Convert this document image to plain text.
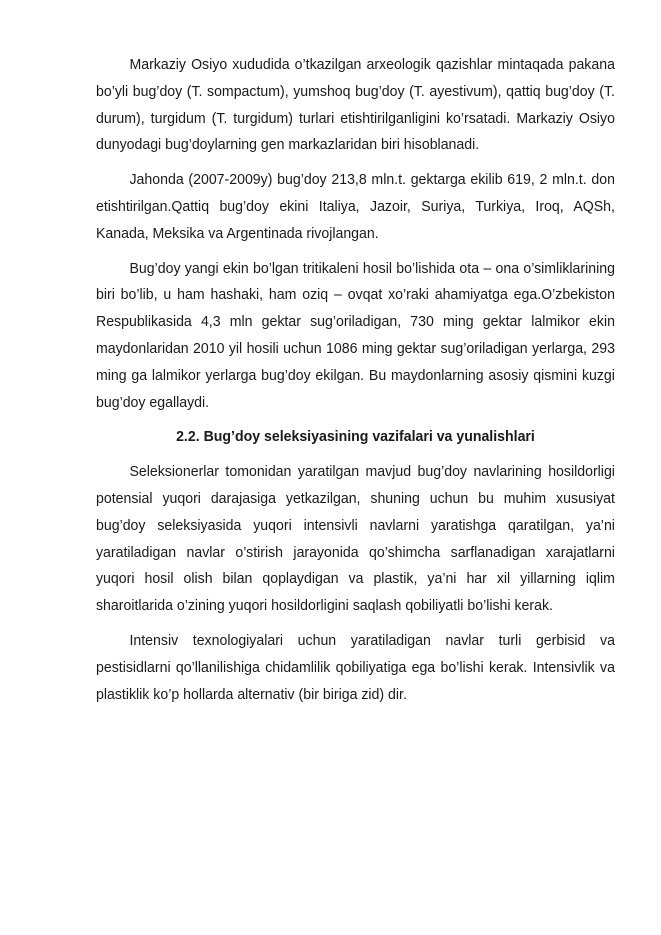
Markaziy Osiyo xududida o’tkazilgan arxeologik qazishlar mintaqada pakana bo’yli bug’doy (T. sompactum), yumshoq bug’doy (T. ayestivum), qattiq bug’doy (T. durum), turgidum (T. turgidum) turlari etishtirilganligini ko’rsatadi. Markaziy Osiyo dunyodagi bug’doylarning gen markazlaridan biri hisoblanadi.

Jahonda (2007-2009y) bug’doy 213,8 mln.t. gektarga ekilib 619, 2 mln.t. don etishtirilgan.Qattiq bug’doy ekini Italiya, Jazoir, Suriya, Turkiya, Iroq, AQSh, Kanada, Meksika va Argentinada rivojlangan.

Bug’doy yangi ekin bo’lgan tritikaleni hosil bo’lishida ota – ona o’simliklarining biri bo’lib, u ham hashaki, ham oziq – ovqat xo’raki ahamiyatga ega.O’zbekiston Respublikasida 4,3 mln gektar sug’oriladigan, 730 ming gektar lalmikor ekin maydonlaridan 2010 yil hosili uchun 1086 ming gektar sug’oriladigan yerlarga, 293 ming ga lalmikor yerlarga bug’doy ekilgan. Bu maydonlarning asosiy qismini kuzgi bug’doy egallaydi.

2.2. Bug’doy seleksiyasining vazifalari va yunalishlari

Seleksionerlar tomonidan yaratilgan mavjud bug’doy navlarining hosildorligi potensial yuqori darajasiga yetkazilgan, shuning uchun bu muhim xususiyat bug’doy seleksiyasida yuqori intensivli navlarni yaratishga qaratilgan, ya’ni yaratiladigan navlar o’stirish jarayonida qo’shimcha sarflanadigan xarajatlarni yuqori hosil olish bilan qoplaydigan va plastik, ya’ni har xil yillarning iqlim sharoitlarida o’zining yuqori hosildorligini saqlash qobiliyatli bo’lishi kerak.

Intensiv texnologiyalari uchun yaratiladigan navlar turli gerbisid va pestisidlarni qo’llanilishiga chidamlilik qobiliyatiga ega bo’lishi kerak. Intensivlik va plastiklik ko’p hollarda alternativ (bir biriga zid) dir.
